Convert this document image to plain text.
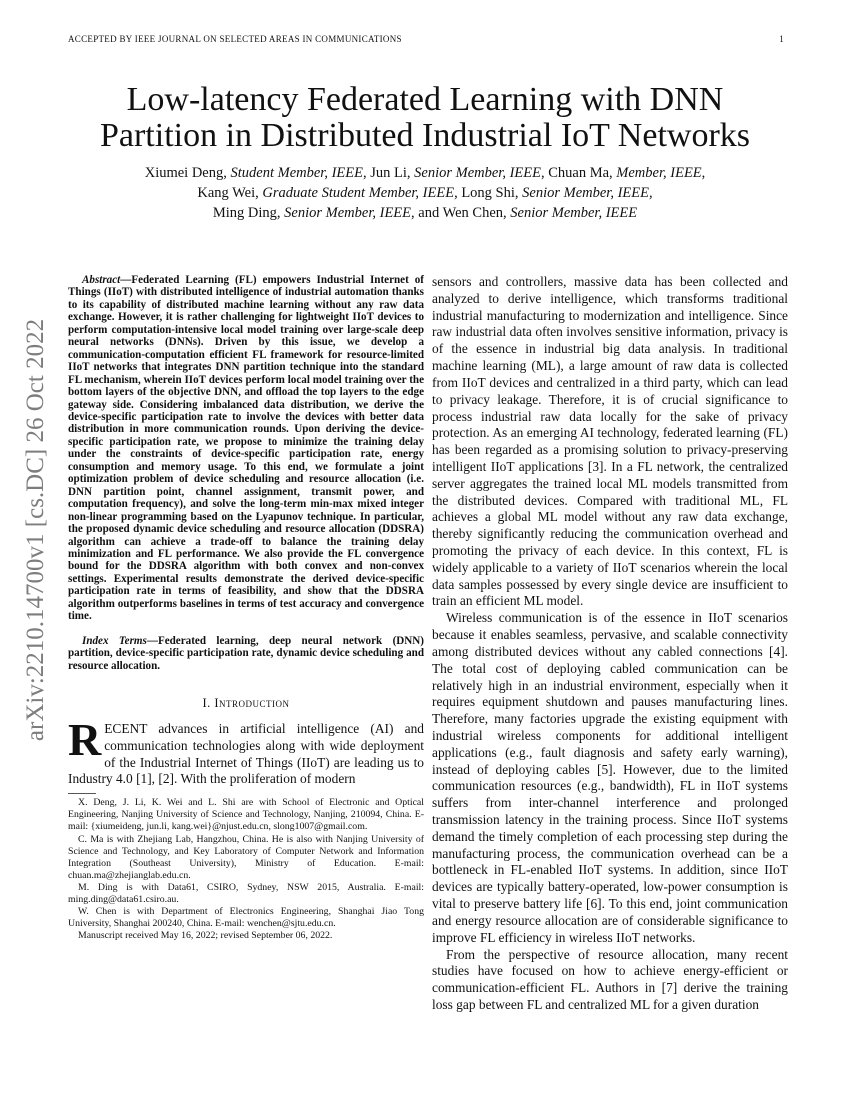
ACCEPTED BY IEEE JOURNAL ON SELECTED AREAS IN COMMUNICATIONS	1
arXiv:2210.14700v1 [cs.DC] 26 Oct 2022
Low-latency Federated Learning with DNN
Partition in Distributed Industrial IoT Networks
Xiumei Deng, Student Member, IEEE, Jun Li, Senior Member, IEEE, Chuan Ma, Member, IEEE,
Kang Wei, Graduate Student Member, IEEE, Long Shi, Senior Member, IEEE,
Ming Ding, Senior Member, IEEE, and Wen Chen, Senior Member, IEEE

Abstract—Federated Learning (FL) empowers Industrial Internet of Things (IIoT) with distributed intelligence of industrial automation thanks to its capability of distributed machine learning without any raw data exchange. However, it is rather challenging for lightweight IIoT devices to perform computation-intensive local model training over large-scale deep neural networks (DNNs). Driven by this issue, we develop a communication-computation efficient FL framework for resource-limited IIoT networks that integrates DNN partition technique into the standard FL mechanism, wherein IIoT devices perform local model training over the bottom layers of the objective DNN, and offload the top layers to the edge gateway side. Considering imbalanced data distribution, we derive the device-specific participation rate to involve the devices with better data distribution in more communication rounds. Upon deriving the device-specific participation rate, we propose to minimize the training delay under the constraints of device-specific participation rate, energy consumption and memory usage. To this end, we formulate a joint optimization problem of device scheduling and resource allocation (i.e. DNN partition point, channel assignment, transmit power, and computation frequency), and solve the long-term min-max mixed integer non-linear programming based on the Lyapunov technique. In particular, the proposed dynamic device scheduling and resource allocation (DDSRA) algorithm can achieve a trade-off to balance the training delay minimization and FL performance. We also provide the FL convergence bound for the DDSRA algorithm with both convex and non-convex settings. Experimental results demonstrate the derived device-specific participation rate in terms of feasibility, and show that the DDSRA algorithm outperforms baselines in terms of test accuracy and convergence time.

Index Terms—Federated learning, deep neural network (DNN) partition, device-specific participation rate, dynamic device scheduling and resource allocation.

I. Introduction

RECENT advances in artificial intelligence (AI) and communication technologies along with wide deployment of the Industrial Internet of Things (IIoT) are leading us to Industry 4.0 [1], [2]. With the proliferation of modern

X. Deng, J. Li, K. Wei and L. Shi are with School of Electronic and Optical Engineering, Nanjing University of Science and Technology, Nanjing, 210094, China. E-mail: {xiumeideng, jun.li, kang.wei}@njust.edu.cn, slong1007@gmail.com.

C. Ma is with Zhejiang Lab, Hangzhou, China. He is also with Nanjing University of Science and Technology, and Key Laboratory of Computer Network and Information Integration (Southeast University), Ministry of Education. E-mail: chuan.ma@zhejianglab.edu.cn.

M. Ding is with Data61, CSIRO, Sydney, NSW 2015, Australia. E-mail: ming.ding@data61.csiro.au.

W. Chen is with Department of Electronics Engineering, Shanghai Jiao Tong University, Shanghai 200240, China. E-mail: wenchen@sjtu.edu.cn.

Manuscript received May 16, 2022; revised September 06, 2022.

sensors and controllers, massive data has been collected and analyzed to derive intelligence, which transforms traditional industrial manufacturing to modernization and intelligence. Since raw industrial data often involves sensitive information, privacy is of the essence in industrial big data analysis. In traditional machine learning (ML), a large amount of raw data is collected from IIoT devices and centralized in a third party, which can lead to privacy leakage. Therefore, it is of crucial significance to process industrial raw data locally for the sake of privacy protection. As an emerging AI technology, federated learning (FL) has been regarded as a promising solution to privacy-preserving intelligent IIoT applications [3]. In a FL network, the centralized server aggregates the trained local ML models transmitted from the distributed devices. Compared with traditional ML, FL achieves a global ML model without any raw data exchange, thereby significantly reducing the communication overhead and promoting the privacy of each device. In this context, FL is widely applicable to a variety of IIoT scenarios wherein the local data samples possessed by every single device are insufficient to train an efficient ML model.

Wireless communication is of the essence in IIoT scenarios because it enables seamless, pervasive, and scalable connectivity among distributed devices without any cabled connections [4]. The total cost of deploying cabled communication can be relatively high in an industrial environment, especially when it requires equipment shutdown and pauses manufacturing lines. Therefore, many factories upgrade the existing equipment with industrial wireless components for additional intelligent applications (e.g., fault diagnosis and safety early warning), instead of deploying cables [5]. However, due to the limited communication resources (e.g., bandwidth), FL in IIoT systems suffers from inter-channel interference and prolonged transmission latency in the training process. Since IIoT systems demand the timely completion of each processing step during the manufacturing process, the communication overhead can be a bottleneck in FL-enabled IIoT systems. In addition, since IIoT devices are typically battery-operated, low-power consumption is vital to preserve battery life [6]. To this end, joint communication and energy resource allocation are of considerable significance to improve FL efficiency in wireless IIoT networks.

From the perspective of resource allocation, many recent studies have focused on how to achieve energy-efficient or communication-efficient FL. Authors in [7] derive the training loss gap between FL and centralized ML for a given duration
